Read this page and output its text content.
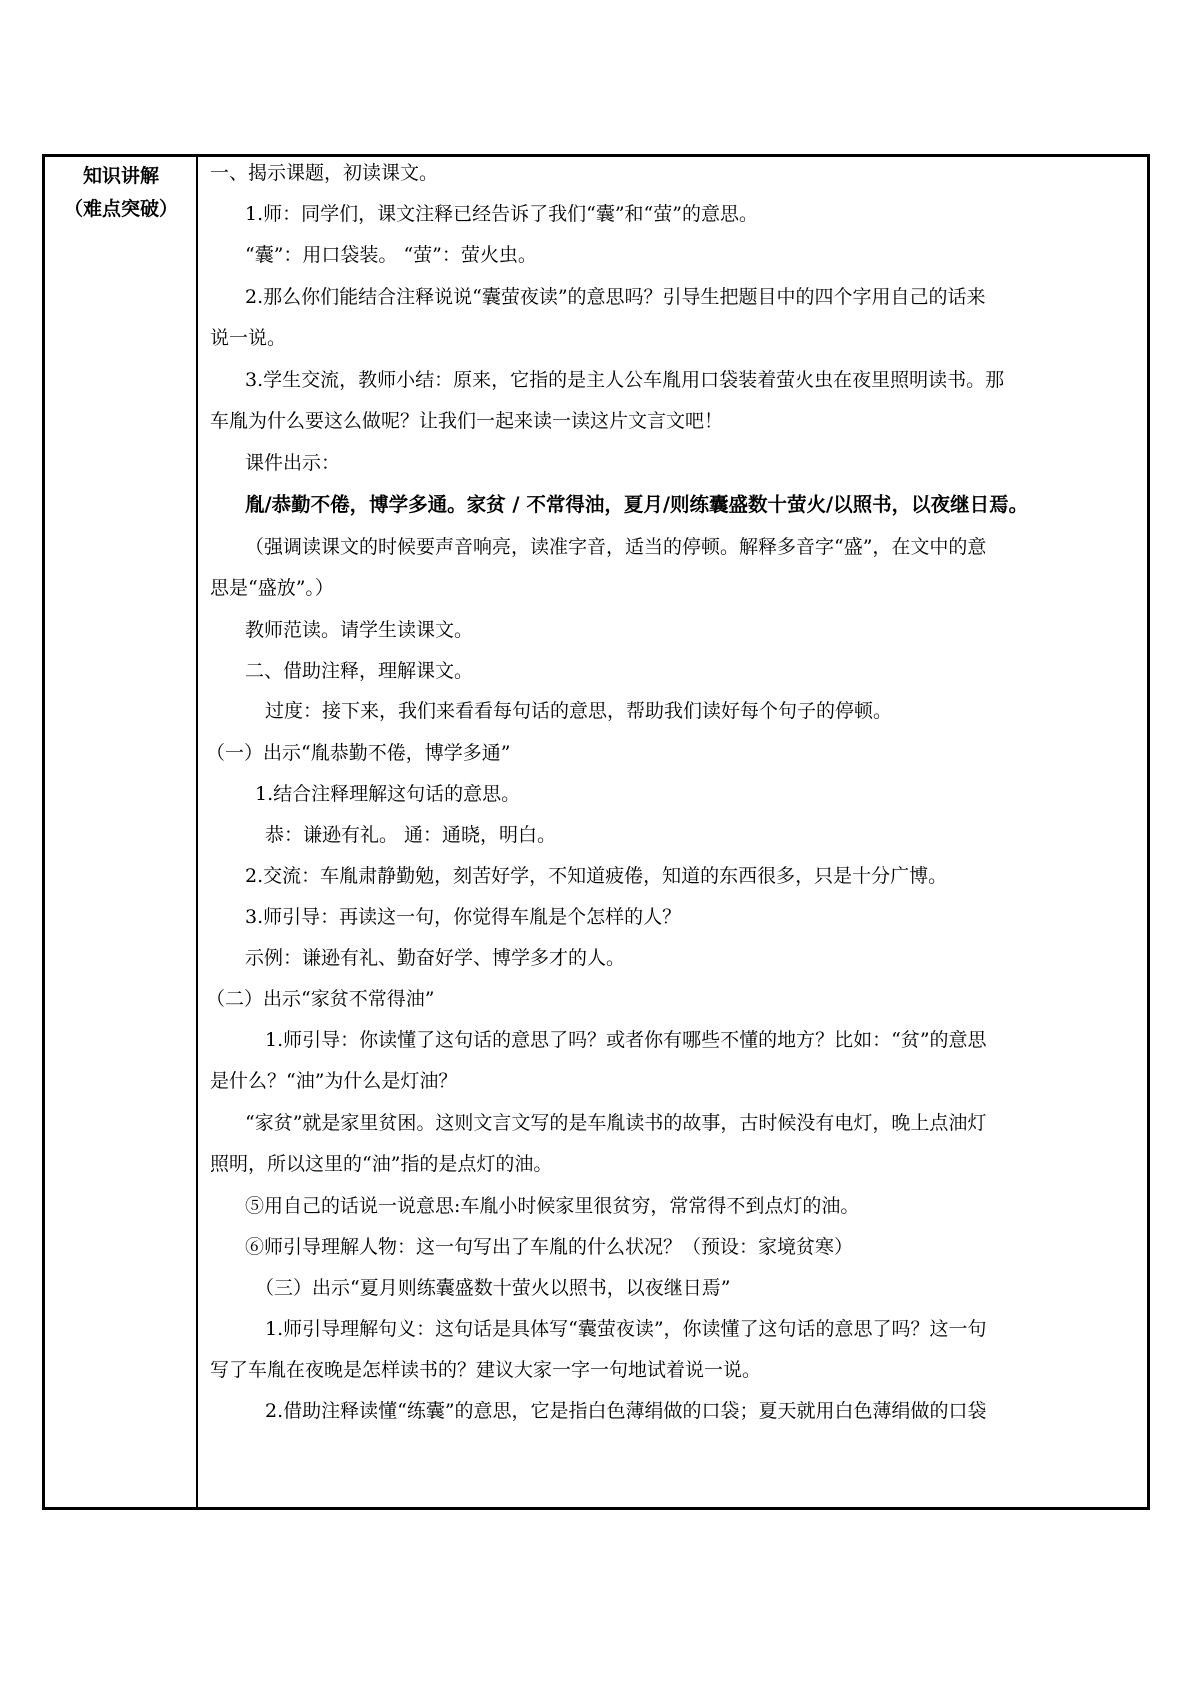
知识讲解
（难点突破）
一、揭示课题，初读课文。
1.师：同学们，课文注释已经告诉了我们“囊”和“萤”的意思。
“囊”：用口袋装。 “萤”：萤火虫。
2.那么你们能结合注释说说“囊萤夜读”的意思吗？引导生把题目中的四个字用自己的话来
说一说。
3.学生交流，教师小结：原来，它指的是主人公车胤用口袋装着萤火虫在夜里照明读书。那
车胤为什么要这么做呢？让我们一起来读一读这片文言文吧！
课件出示：
胤/恭勤不倦，博学多通。家贫 / 不常得油，夏月/则练囊盛数十萤火/以照书，以夜继日焉。
（强调读课文的时候要声音响亮，读准字音，适当的停顿。解释多音字“盛”，在文中的意
思是“盛放”。）
教师范读。请学生读课文。
二、借助注释，理解课文。
过度：接下来，我们来看看每句话的意思，帮助我们读好每个句子的停顿。
（一）出示“胤恭勤不倦，博学多通”
1.结合注释理解这句话的意思。
恭：谦逊有礼。 通：通晓，明白。
2.交流：车胤肃静勤勉，刻苦好学，不知道疲倦，知道的东西很多，只是十分广博。
3.师引导：再读这一句，你觉得车胤是个怎样的人？
示例：谦逊有礼、勤奋好学、博学多才的人。
（二）出示“家贫不常得油”
1.师引导：你读懂了这句话的意思了吗？或者你有哪些不懂的地方？比如：“贫”的意思
是什么？“油”为什么是灯油？
“家贫”就是家里贫困。这则文言文写的是车胤读书的故事，古时候没有电灯，晚上点油灯
照明，所以这里的“油”指的是点灯的油。
⑤用自己的话说一说意思:车胤小时候家里很贫穷，常常得不到点灯的油。
⑥师引导理解人物：这一句写出了车胤的什么状况？（预设：家境贫寒）
（三）出示“夏月则练囊盛数十萤火以照书，以夜继日焉”
1.师引导理解句义：这句话是具体写“囊萤夜读”，你读懂了这句话的意思了吗？这一句
写了车胤在夜晚是怎样读书的？建议大家一字一句地试着说一说。
2.借助注释读懂“练囊”的意思，它是指白色薄绢做的口袋；夏天就用白色薄绢做的口袋
